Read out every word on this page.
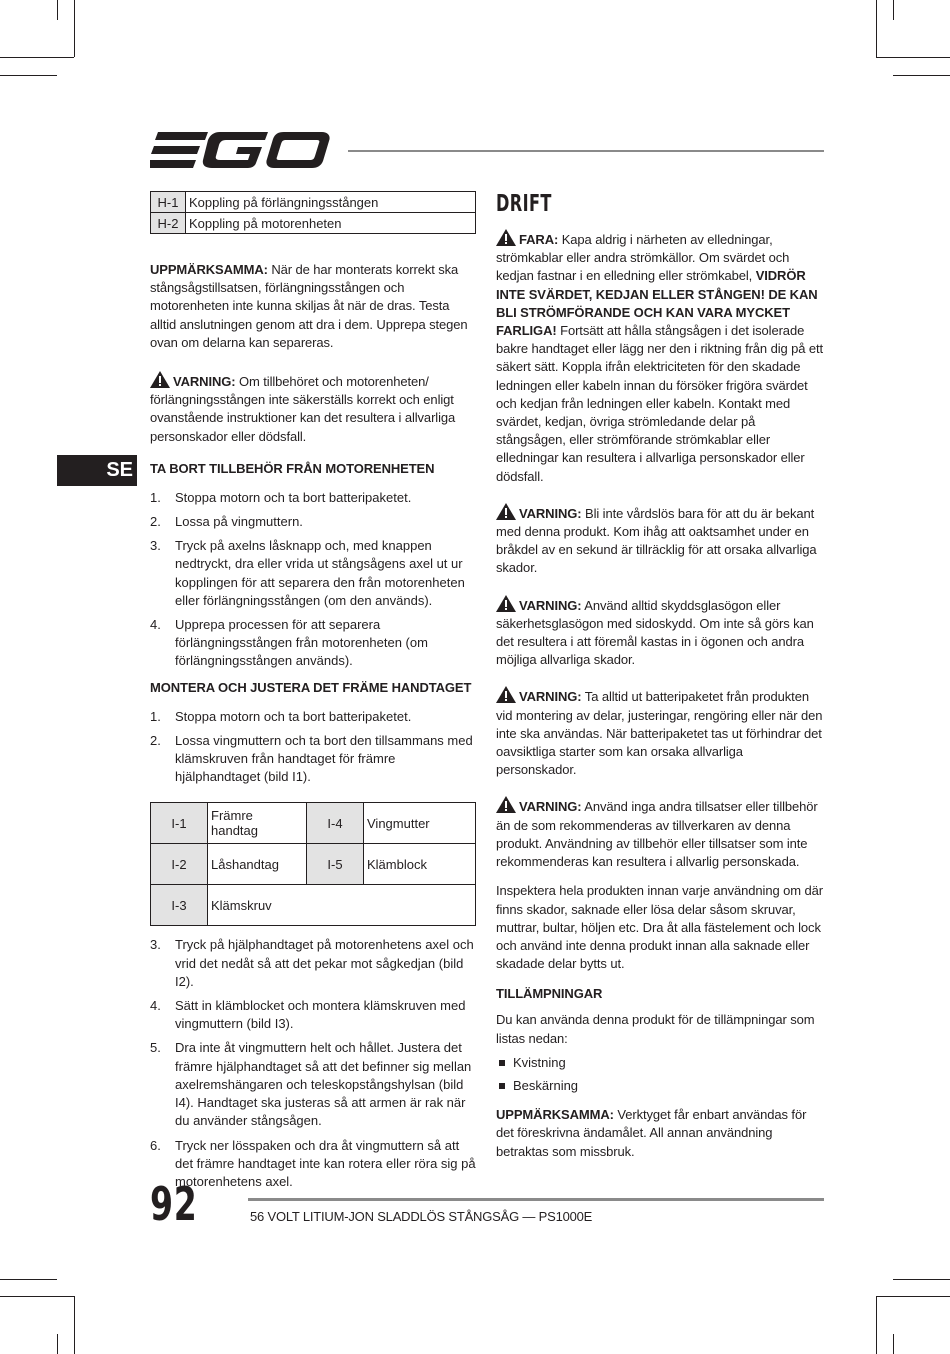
SE
H-1	Koppling på förlängningsstången
H-2	Koppling på motorenheten

UPPMÄRKSAMMA: När de har monterats korrekt ska stångsågstillsatsen, förlängningsstången och motorenheten inte kunna skiljas åt när de dras. Testa alltid anslutningen genom att dra i dem. Upprepa stegen ovan om delarna kan separeras.

VARNING: Om tillbehöret och motorenheten/ förlängningsstången inte säkerställs korrekt och enligt ovanstående instruktioner kan det resultera i allvarliga personskador eller dödsfall.

TA BORT TILLBEHÖR FRÅN MOTORENHETEN

1. Stoppa motorn och ta bort batteripaketet.
2. Lossa på vingmuttern.
3. Tryck på axelns låsknapp och, med knappen nedtryckt, dra eller vrida ut stångsågens axel ut ur kopplingen för att separera den från motorenheten eller förlängningsstången (om den används).
4. Upprepa processen för att separera förlängningsstången från motorenheten (om förlängningsstången används).

MONTERA OCH JUSTERA DET FRÄME HANDTAGET

1. Stoppa motorn och ta bort batteripaketet.
2. Lossa vingmuttern och ta bort den tillsammans med klämskruven från handtaget för främre hjälphandtaget (bild I1).
I-1	Främre handtag	I-4	Vingmutter
I-2	Låshandtag	I-5	Klämblock
I-3	Klämskruv		
3. Tryck på hjälphandtaget på motorenhetens axel och vrid det nedåt så att det pekar mot sågkedjan (bild I2).
4. Sätt in klämblocket och montera klämskruven med vingmuttern (bild I3).
5. Dra inte åt vingmuttern helt och hållet. Justera det främre hjälphandtaget så att det befinner sig mellan axelremshängaren och teleskopstångshylsan (bild I4). Handtaget ska justeras så att armen är rak när du använder stångsågen.
6. Tryck ner lösspaken och dra åt vingmuttern så att det främre handtaget inte kan rotera eller röra sig på motorenhetens axel.

DRIFT

FARA: Kapa aldrig i närheten av elledningar, strömkablar eller andra strömkällor. Om svärdet och kedjan fastnar i en elledning eller strömkabel, VIDRÖR INTE SVÄRDET, KEDJAN ELLER STÅNGEN! DE KAN BLI STRÖMFÖRANDE OCH KAN VARA MYCKET FARLIGA! Fortsätt att hålla stångsågen i det isolerade bakre handtaget eller lägg ner den i riktning från dig på ett säkert sätt. Koppla ifrån elektriciteten för den skadade ledningen eller kabeln innan du försöker frigöra svärdet och kedjan från ledningen eller kabeln. Kontakt med svärdet, kedjan, övriga strömledande delar på stångsågen, eller strömförande strömkablar eller elledningar kan resultera i allvarliga personskador eller dödsfall.

VARNING: Bli inte vårdslös bara för att du är bekant med denna produkt. Kom ihåg att oaktsamhet under en bråkdel av en sekund är tillräcklig för att orsaka allvarliga skador.

VARNING: Använd alltid skyddsglasögon eller säkerhetsglasögon med sidoskydd. Om inte så görs kan det resultera i att föremål kastas in i ögonen och andra möjliga allvarliga skador.

VARNING: Ta alltid ut batteripaketet från produkten vid montering av delar, justeringar, rengöring eller när den inte ska användas. När batteripaketet tas ut förhindrar det oavsiktliga starter som kan orsaka allvarliga personskador.

VARNING: Använd inga andra tillsatser eller tillbehör än de som rekommenderas av tillverkaren av denna produkt. Användning av tillbehör eller tillsatser som inte rekommenderas kan resultera i allvarlig personskada.

Inspektera hela produkten innan varje användning om där finns skador, saknade eller lösa delar såsom skruvar, muttrar, bultar, höljen etc. Dra åt alla fästelement och lock och använd inte denna produkt innan alla saknade eller skadade delar bytts ut.

TILLÄMPNINGAR

Du kan använda denna produkt för de tillämpningar som listas nedan:

Kvistning
Beskärning

UPPMÄRKSAMMA: Verktyget får enbart användas för det föreskrivna ändamålet. All annan användning betraktas som missbruk.

92	56 VOLT LITIUM-JON SLADDLÖS STÅNGSÅG — PS1000E
